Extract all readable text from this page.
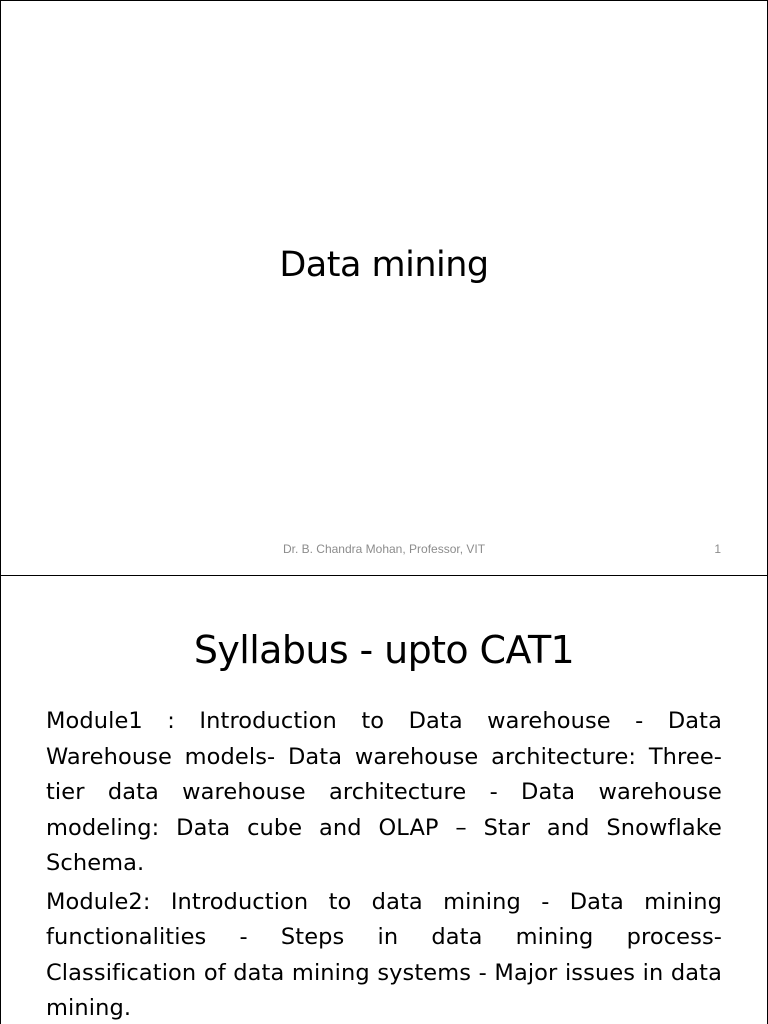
Data mining
Dr. B. Chandra Mohan, Professor, VIT	1
Syllabus - upto CAT1

Module1 : Introduction to Data warehouse - Data Warehouse models- Data warehouse architecture: Three-tier data warehouse architecture - Data warehouse modeling: Data cube and OLAP – Star and Snowflake Schema.

Module2: Introduction to data mining - Data mining functionalities - Steps in data mining process- Classification of data mining systems - Major issues in data mining.
